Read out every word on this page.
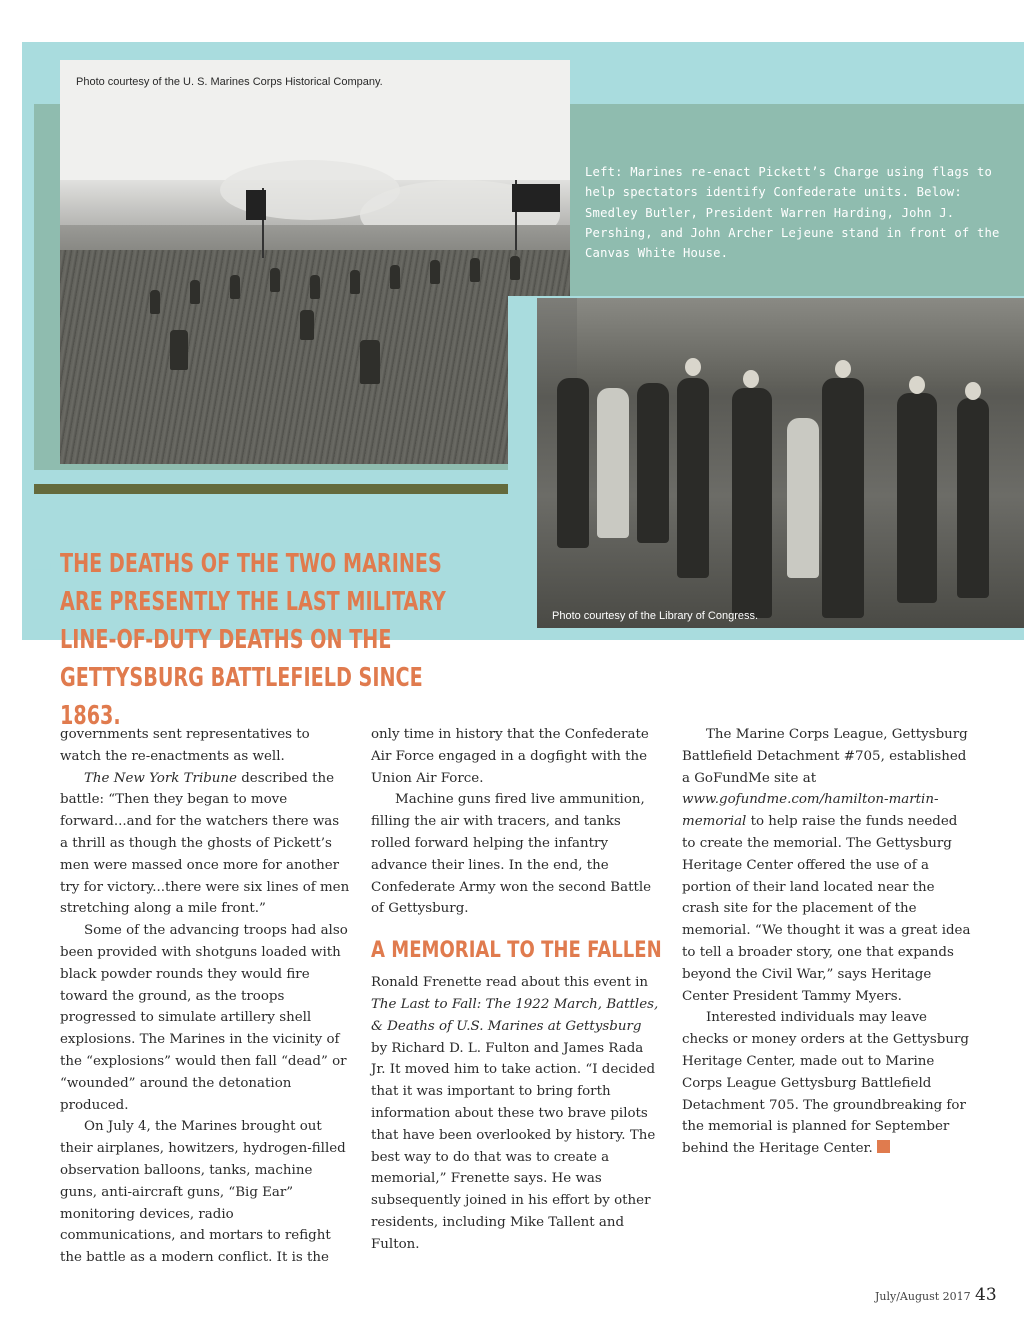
Photo courtesy of the U. S. Marines Corps Historical Company.
Left: Marines re-enact Pickett’s Charge using flags to help spectators identify Confederate units. Below: Smedley Butler, President Warren Harding, John J. Pershing, and John Archer Lejeune stand in front of the Canvas White House.
Photo courtesy of the Library of Congress.
“
THE DEATHS OF THE TWO MARINES ARE PRESENTLY THE LAST MILITARY LINE-OF-DUTY DEATHS ON THE GETTYSBURG BATTLEFIELD SINCE 1863.

governments sent representatives to watch the re-enactments as well.

The New York Tribune described the battle: “Then they began to move forward...and for the watchers there was a thrill as though the ghosts of Pickett’s men were massed once more for another try for victory...there were six lines of men stretching along a mile front.”

Some of the advancing troops had also been provided with shotguns loaded with black powder rounds they would fire toward the ground, as the troops progressed to simulate artillery shell explosions. The Marines in the vicinity of the “explosions” would then fall “dead” or “wounded” around the detonation produced.

On July 4, the Marines brought out their airplanes, howitzers, hydrogen-filled observation balloons, tanks, machine guns, anti-aircraft guns, “Big Ear” monitoring devices, radio communications, and mortars to refight the battle as a modern conflict. It is the

only time in history that the Confederate Air Force engaged in a dogfight with the Union Air Force.

Machine guns fired live ammunition, filling the air with tracers, and tanks rolled forward helping the infantry advance their lines. In the end, the Confederate Army won the second Battle of Gettysburg.

A MEMORIAL TO THE FALLEN

Ronald Frenette read about this event in The Last to Fall: The 1922 March, Battles, & Deaths of U.S. Marines at Gettysburg by Richard D. L. Fulton and James Rada Jr. It moved him to take action. “I decided that it was important to bring forth information about these two brave pilots that have been overlooked by history. The best way to do that was to create a memorial,” Frenette says. He was subsequently joined in his effort by other residents, including Mike Tallent and Fulton.

The Marine Corps League, Gettysburg Battlefield Detachment #705, established a GoFundMe site at www.gofundme.com/hamilton-martin-memorial to help raise the funds needed to create the memorial. The Gettysburg Heritage Center offered the use of a portion of their land located near the crash site for the placement of the memorial. “We thought it was a great idea to tell a broader story, one that expands beyond the Civil War,” says Heritage Center President Tammy Myers.

Interested individuals may leave checks or money orders at the Gettysburg Heritage Center, made out to Marine Corps League Gettysburg Battlefield Detachment 705. The groundbreaking for the memorial is planned for September behind the Heritage Center.

July/August 2017 43
